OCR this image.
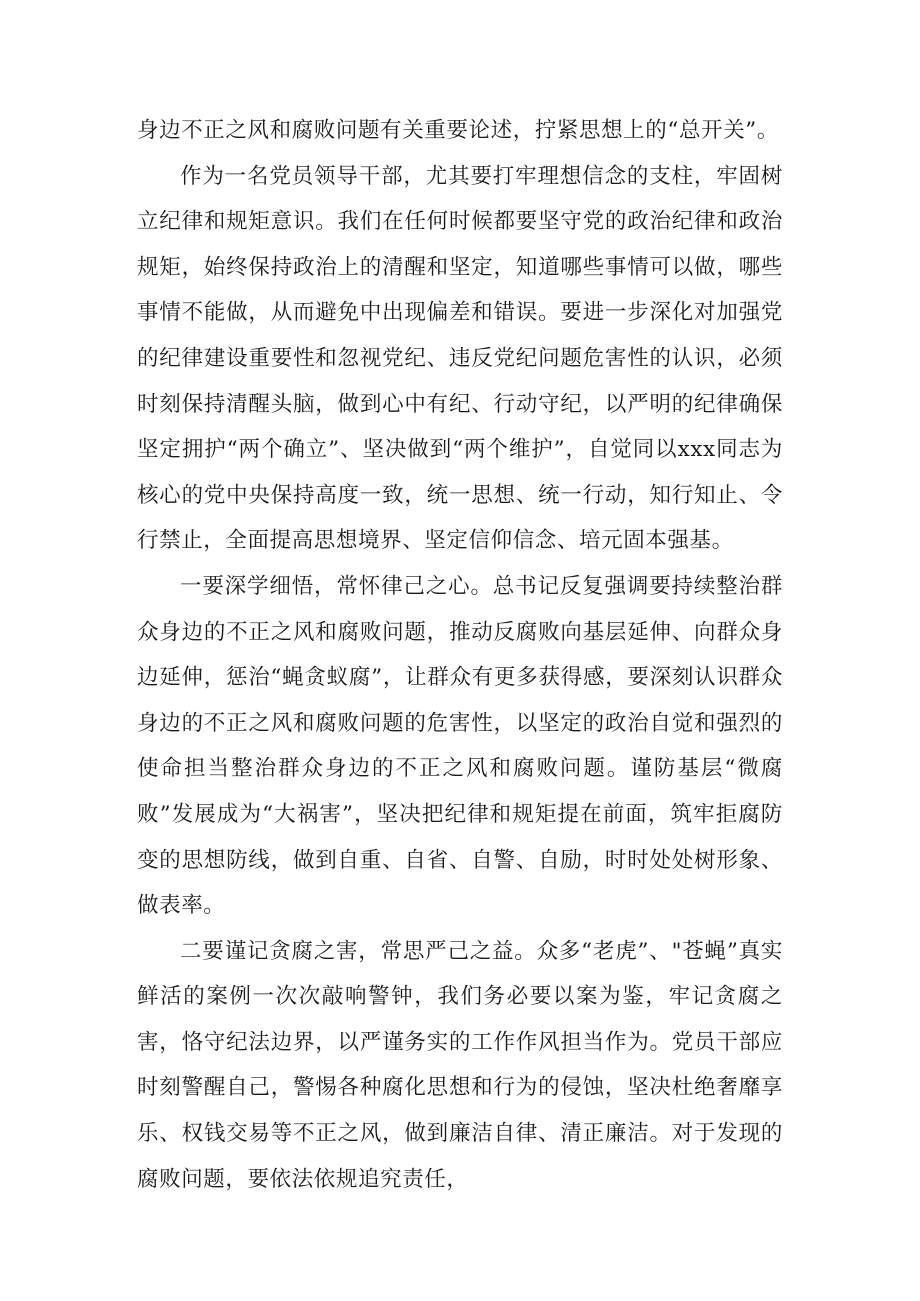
身边不正之风和腐败问题有关重要论述，拧紧思想上的“总开关”。

作为一名党员领导干部，尤其要打牢理想信念的支柱，牢固树立纪律和规矩意识。我们在任何时候都要坚守党的政治纪律和政治规矩，始终保持政治上的清醒和坚定，知道哪些事情可以做，哪些事情不能做，从而避免中出现偏差和错误。要进一步深化对加强党的纪律建设重要性和忽视党纪、违反党纪问题危害性的认识，必须时刻保持清醒头脑，做到心中有纪、行动守纪，以严明的纪律确保坚定拥护“两个确立”、坚决做到“两个维护”，自觉同以xxx同志为核心的党中央保持高度一致，统一思想、统一行动，知行知止、令行禁止，全面提高思想境界、坚定信仰信念、培元固本强基。

一要深学细悟，常怀律己之心。总书记反复强调要持续整治群众身边的不正之风和腐败问题，推动反腐败向基层延伸、向群众身边延伸，惩治“蝇贪蚁腐”，让群众有更多获得感，要深刻认识群众身边的不正之风和腐败问题的危害性，以坚定的政治自觉和强烈的使命担当整治群众身边的不正之风和腐败问题。谨防基层“微腐败”发展成为“大祸害”，坚决把纪律和规矩提在前面，筑牢拒腐防变的思想防线，做到自重、自省、自警、自励，时时处处树形象、做表率。

二要谨记贪腐之害，常思严己之益。众多“老虎”、"苍蝇”真实鲜活的案例一次次敲响警钟，我们务必要以案为鉴，牢记贪腐之害，恪守纪法边界，以严谨务实的工作作风担当作为。党员干部应时刻警醒自己，警惕各种腐化思想和行为的侵蚀，坚决杜绝奢靡享乐、权钱交易等不正之风，做到廉洁自律、清正廉洁。对于发现的腐败问题，要依法依规追究责任，
